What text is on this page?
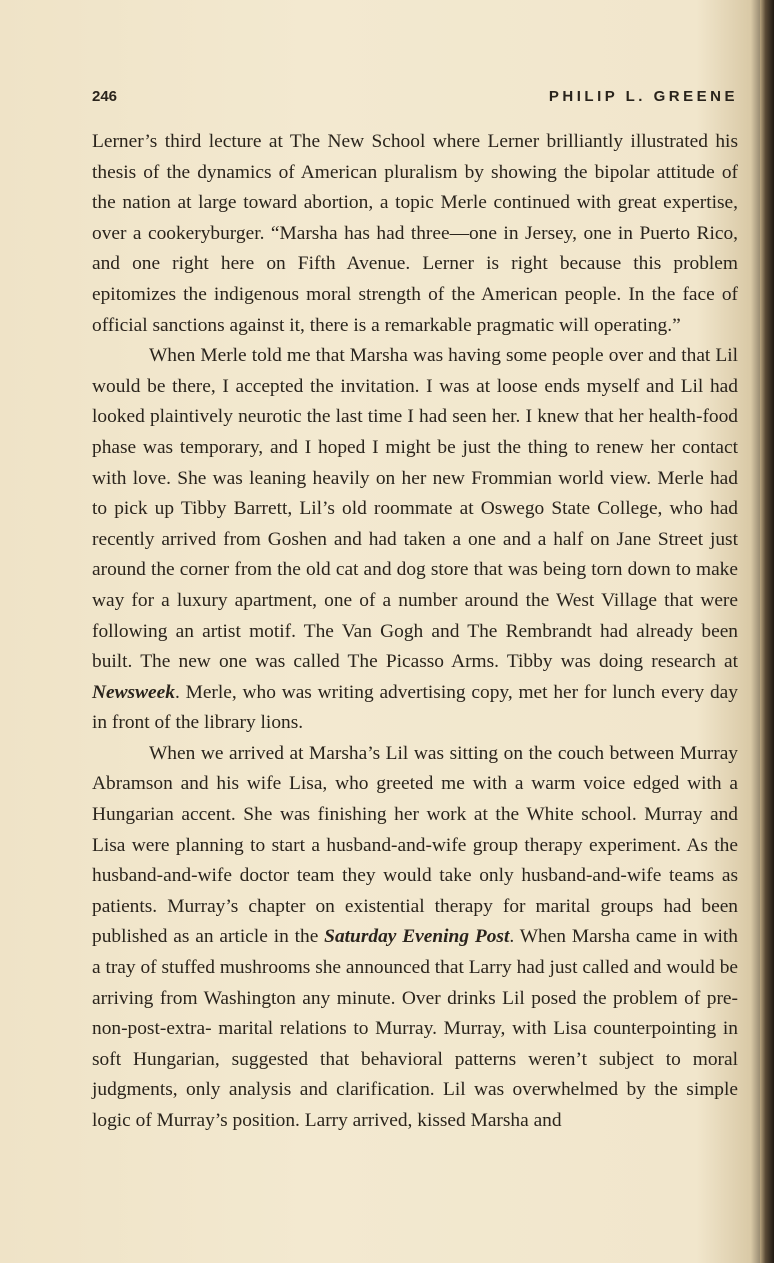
246	PHILIP L. GREENE

Lerner’s third lecture at The New School where Lerner brilliantly illustrated his thesis of the dynamics of American pluralism by showing the bipolar attitude of the nation at large toward abortion, a topic Merle continued with great expertise, over a cookeryburger. “Marsha has had three—one in Jersey, one in Puerto Rico, and one right here on Fifth Avenue. Lerner is right because this problem epitomizes the indigenous moral strength of the American people. In the face of official sanctions against it, there is a remarkable pragmatic will operating.”

When Merle told me that Marsha was having some people over and that Lil would be there, I accepted the invitation. I was at loose ends myself and Lil had looked plaintively neurotic the last time I had seen her. I knew that her health-food phase was temporary, and I hoped I might be just the thing to renew her contact with love. She was leaning heavily on her new Frommian world view. Merle had to pick up Tibby Barrett, Lil’s old roommate at Oswego State College, who had recently arrived from Goshen and had taken a one and a half on Jane Street just around the corner from the old cat and dog store that was being torn down to make way for a luxury apartment, one of a number around the West Village that were following an artist motif. The Van Gogh and The Rembrandt had already been built. The new one was called The Picasso Arms. Tibby was doing research at Newsweek. Merle, who was writing advertising copy, met her for lunch every day in front of the library lions.

When we arrived at Marsha’s Lil was sitting on the couch between Murray Abramson and his wife Lisa, who greeted me with a warm voice edged with a Hungarian accent. She was finishing her work at the White school. Murray and Lisa were planning to start a husband-and-wife group therapy experiment. As the husband-and-wife doctor team they would take only husband-and-wife teams as patients. Murray’s chapter on existential therapy for marital groups had been published as an article in the Saturday Evening Post. When Marsha came in with a tray of stuffed mushrooms she announced that Larry had just called and would be arriving from Washington any minute. Over drinks Lil posed the problem of pre-non-post-extra- marital relations to Murray. Murray, with Lisa counterpointing in soft Hungarian, suggested that behavioral patterns weren’t subject to moral judgments, only analysis and clarification. Lil was overwhelmed by the simple logic of Murray’s position. Larry arrived, kissed Marsha and
